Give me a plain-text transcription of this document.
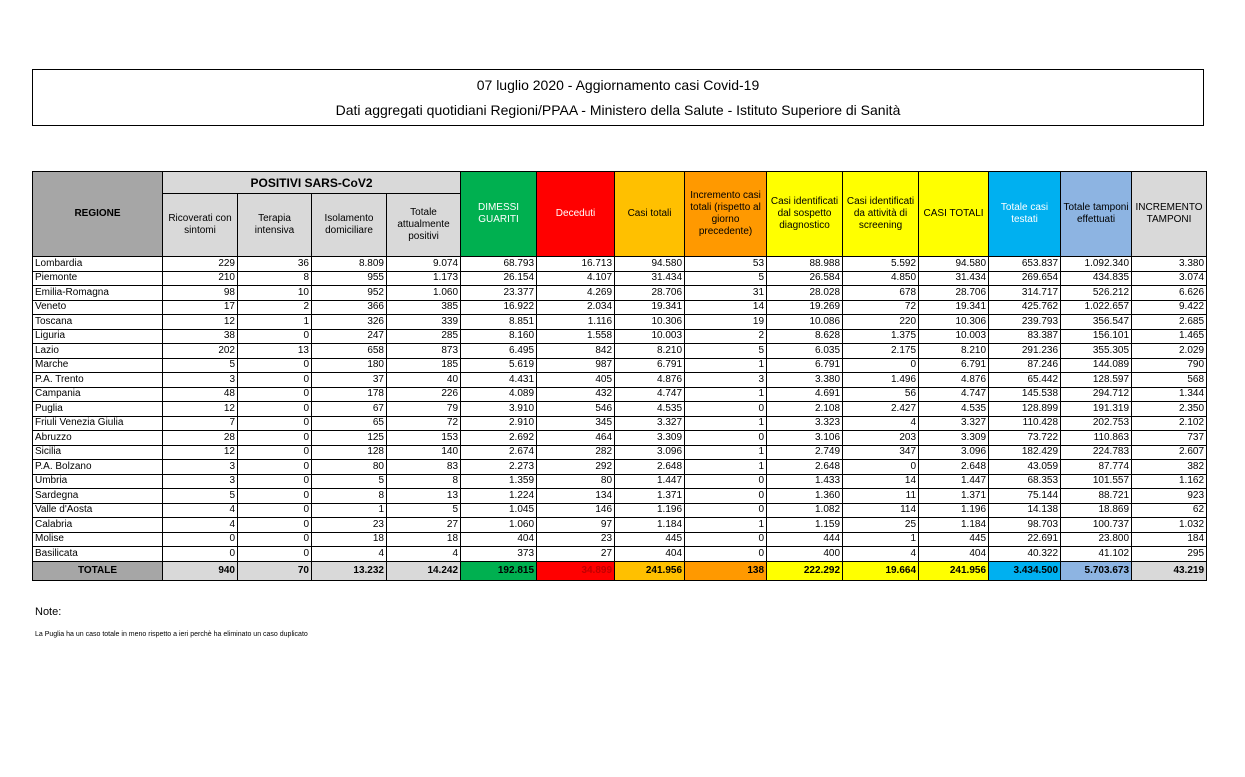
07 luglio 2020 - Aggiornamento casi Covid-19
Dati aggregati quotidiani Regioni/PPAA - Ministero della Salute - Istituto Superiore di Sanità
REGIONE	POSITIVI SARS-CoV2				DIMESSI GUARITI	Deceduti	Casi totali	Incremento casi totali (rispetto al giorno precedente)	Casi identificati dal sospetto diagnostico	Casi identificati da attività di screening	CASI TOTALI	Totale casi testati	Totale tamponi effettuati	INCREMENTO TAMPONI
	Ricoverati con sintomi	Terapia intensiva	Isolamento domiciliare	Totale attualmente positivi										
Lombardia	229	36	8.809	9.074	68.793	16.713	94.580	53	88.988	5.592	94.580	653.837	1.092.340	3.380
Piemonte	210	8	955	1.173	26.154	4.107	31.434	5	26.584	4.850	31.434	269.654	434.835	3.074
Emilia-Romagna	98	10	952	1.060	23.377	4.269	28.706	31	28.028	678	28.706	314.717	526.212	6.626
Veneto	17	2	366	385	16.922	2.034	19.341	14	19.269	72	19.341	425.762	1.022.657	9.422
Toscana	12	1	326	339	8.851	1.116	10.306	19	10.086	220	10.306	239.793	356.547	2.685
Liguria	38	0	247	285	8.160	1.558	10.003	2	8.628	1.375	10.003	83.387	156.101	1.465
Lazio	202	13	658	873	6.495	842	8.210	5	6.035	2.175	8.210	291.236	355.305	2.029
Marche	5	0	180	185	5.619	987	6.791	1	6.791	0	6.791	87.246	144.089	790
P.A. Trento	3	0	37	40	4.431	405	4.876	3	3.380	1.496	4.876	65.442	128.597	568
Campania	48	0	178	226	4.089	432	4.747	1	4.691	56	4.747	145.538	294.712	1.344
Puglia	12	0	67	79	3.910	546	4.535	0	2.108	2.427	4.535	128.899	191.319	2.350
Friuli Venezia Giulia	7	0	65	72	2.910	345	3.327	1	3.323	4	3.327	110.428	202.753	2.102
Abruzzo	28	0	125	153	2.692	464	3.309	0	3.106	203	3.309	73.722	110.863	737
Sicilia	12	0	128	140	2.674	282	3.096	1	2.749	347	3.096	182.429	224.783	2.607
P.A. Bolzano	3	0	80	83	2.273	292	2.648	1	2.648	0	2.648	43.059	87.774	382
Umbria	3	0	5	8	1.359	80	1.447	0	1.433	14	1.447	68.353	101.557	1.162
Sardegna	5	0	8	13	1.224	134	1.371	0	1.360	11	1.371	75.144	88.721	923
Valle d'Aosta	4	0	1	5	1.045	146	1.196	0	1.082	114	1.196	14.138	18.869	62
Calabria	4	0	23	27	1.060	97	1.184	1	1.159	25	1.184	98.703	100.737	1.032
Molise	0	0	18	18	404	23	445	0	444	1	445	22.691	23.800	184
Basilicata	0	0	4	4	373	27	404	0	400	4	404	40.322	41.102	295
TOTALE	940	70	13.232	14.242	192.815	34.899	241.956	138	222.292	19.664	241.956	3.434.500	5.703.673	43.219
Note:
La Puglia ha un caso totale in meno rispetto a ieri perchè ha eliminato un caso duplicato
